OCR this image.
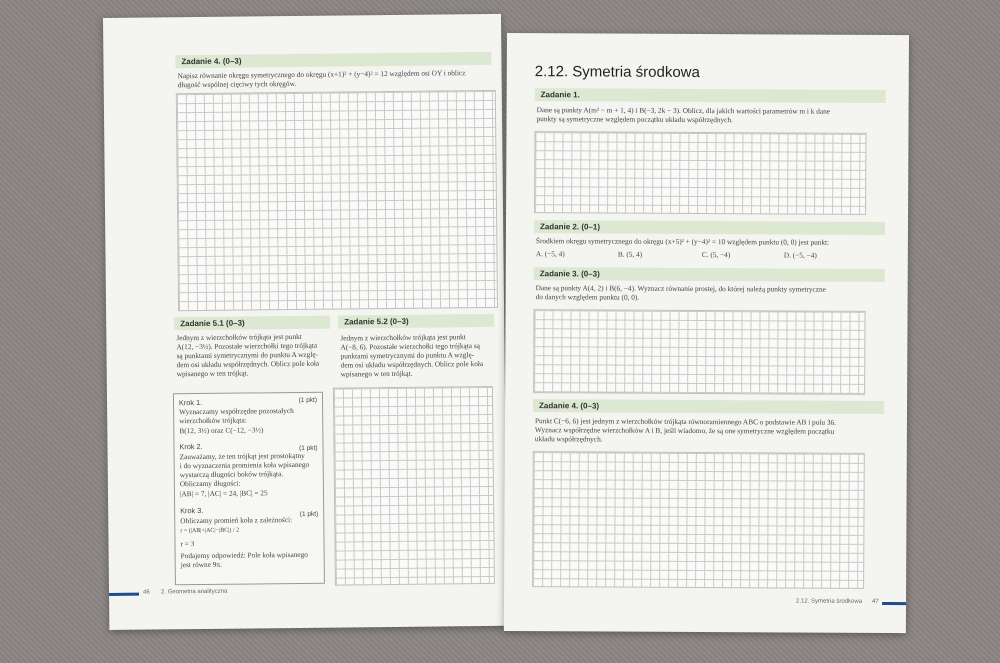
Zadanie 4. (0–3)
Napisz równanie okręgu symetrycznego do okręgu (x+1)² + (y−4)² = 12 względem osi OY i oblicz
długość wspólnej cięciwy tych okręgów.
Zadanie 5.1 (0–3)
Jednym z wierzchołków trójkąta jest punkt
A(12, −3½). Pozostałe wierzchołki tego trójkąta
są punktami symetrycznymi do punktu A wzglę-
dem osi układu współrzędnych. Oblicz pole koła
wpisanego w ten trójkąt.
Zadanie 5.2 (0–3)
Jednym z wierzchołków trójkąta jest punkt
A(−8, 6). Pozostałe wierzchołki tego trójkąta są
punktami symetrycznymi do punktu A wzglę-
dem osi układu współrzędnych. Oblicz pole koła
wpisanego w ten trójkąt.
Krok 1.	(1 pkt)
Wyznaczamy współrzędne pozostałych
wierzchołków trójkąta:
B(12, 3½) oraz C(−12, −3½)
Krok 2.	(1 pkt)
Zauważamy, że ten trójkąt jest prostokątny
i do wyznaczenia promienia koła wpisanego
wystarczą długości boków trójkąta.
Obliczamy długości:
|AB| = 7, |AC| = 24, |BC| = 25
Krok 3.	(1 pkt)
Obliczamy promień koła z zależności:
r = (|AB|+|AC|−|BC|) / 2
r = 3
Podajemy odpowiedź: Pole koła wpisanego
jest równe 9π.
46 2. Geometria analityczna
2.12. Symetria środkowa
Zadanie 1.
Dane są punkty A(m² − m + 1, 4) i B(−3, 2k − 3). Oblicz, dla jakich wartości parametrów m i k dane
punkty są symetryczne względem początku układu współrzędnych.
Zadanie 2. (0–1)
Środkiem okręgu symetrycznego do okręgu (x+5)² + (y−4)² = 10 względem punktu (0, 0) jest punkt:
A. (−5, 4)	B. (5, 4)	C. (5, −4)	D. (−5, −4)
Zadanie 3. (0–3)
Dane są punkty A(4, 2) i B(6, −4). Wyznacz równanie prostej, do której należą punkty symetryczne
do danych względem punktu (0, 0).
Zadanie 4. (0–3)
Punkt C(−6, 6) jest jednym z wierzchołków trójkąta równoramiennego ABC o podstawie AB i polu 36.
Wyznacz współrzędne wierzchołków A i B, jeśli wiadomo, że są one symetryczne względem początku
układu współrzędnych.
2.12. Symetria środkowa 47
